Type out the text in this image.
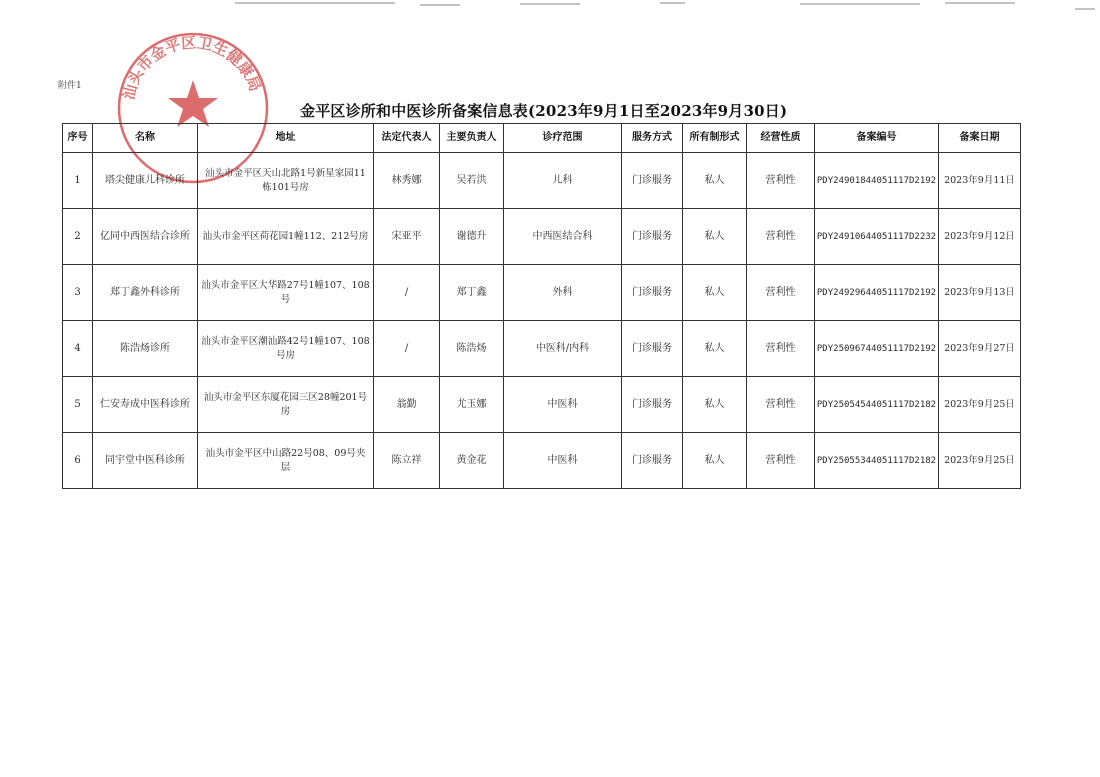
附件1	汕头市金平区卫生健康局
金平区诊所和中医诊所备案信息表(2023年9月1日至2023年9月30日)
序号	名称	地址	法定代表人	主要负责人	诊疗范围	服务方式	所有制形式	经营性质	备案编号	备案日期
1	塔尖健康儿科诊所	汕头市金平区天山北路1号新星家园11栋101号房	林秀娜	吴若洪	儿科	门诊服务	私人	营利性	PDY24901844051117D2192	2023年9月11日
2	亿同中西医结合诊所	汕头市金平区荷花园1幢112、212号房	宋亚平	谢德升	中西医结合科	门诊服务	私人	营利性	PDY24910644051117D2232	2023年9月12日
3	郑丁鑫外科诊所	汕头市金平区大华路27号1幢107、108号	/	郑丁鑫	外科	门诊服务	私人	营利性	PDY24929644051117D2192	2023年9月13日
4	陈浩炀诊所	汕头市金平区潮汕路42号1幢107、108号房	/	陈浩炀	中医科/内科	门诊服务	私人	营利性	PDY25096744051117D2192	2023年9月27日
5	仁安寿成中医科诊所	汕头市金平区东厦花园三区28幢201号房	翁勤	尤玉娜	中医科	门诊服务	私人	营利性	PDY25054544051117D2182	2023年9月25日
6	同宇堂中医科诊所	汕头市金平区中山路22号08、09号夹层	陈立祥	黄金花	中医科	门诊服务	私人	营利性	PDY25055344051117D2182	2023年9月25日
